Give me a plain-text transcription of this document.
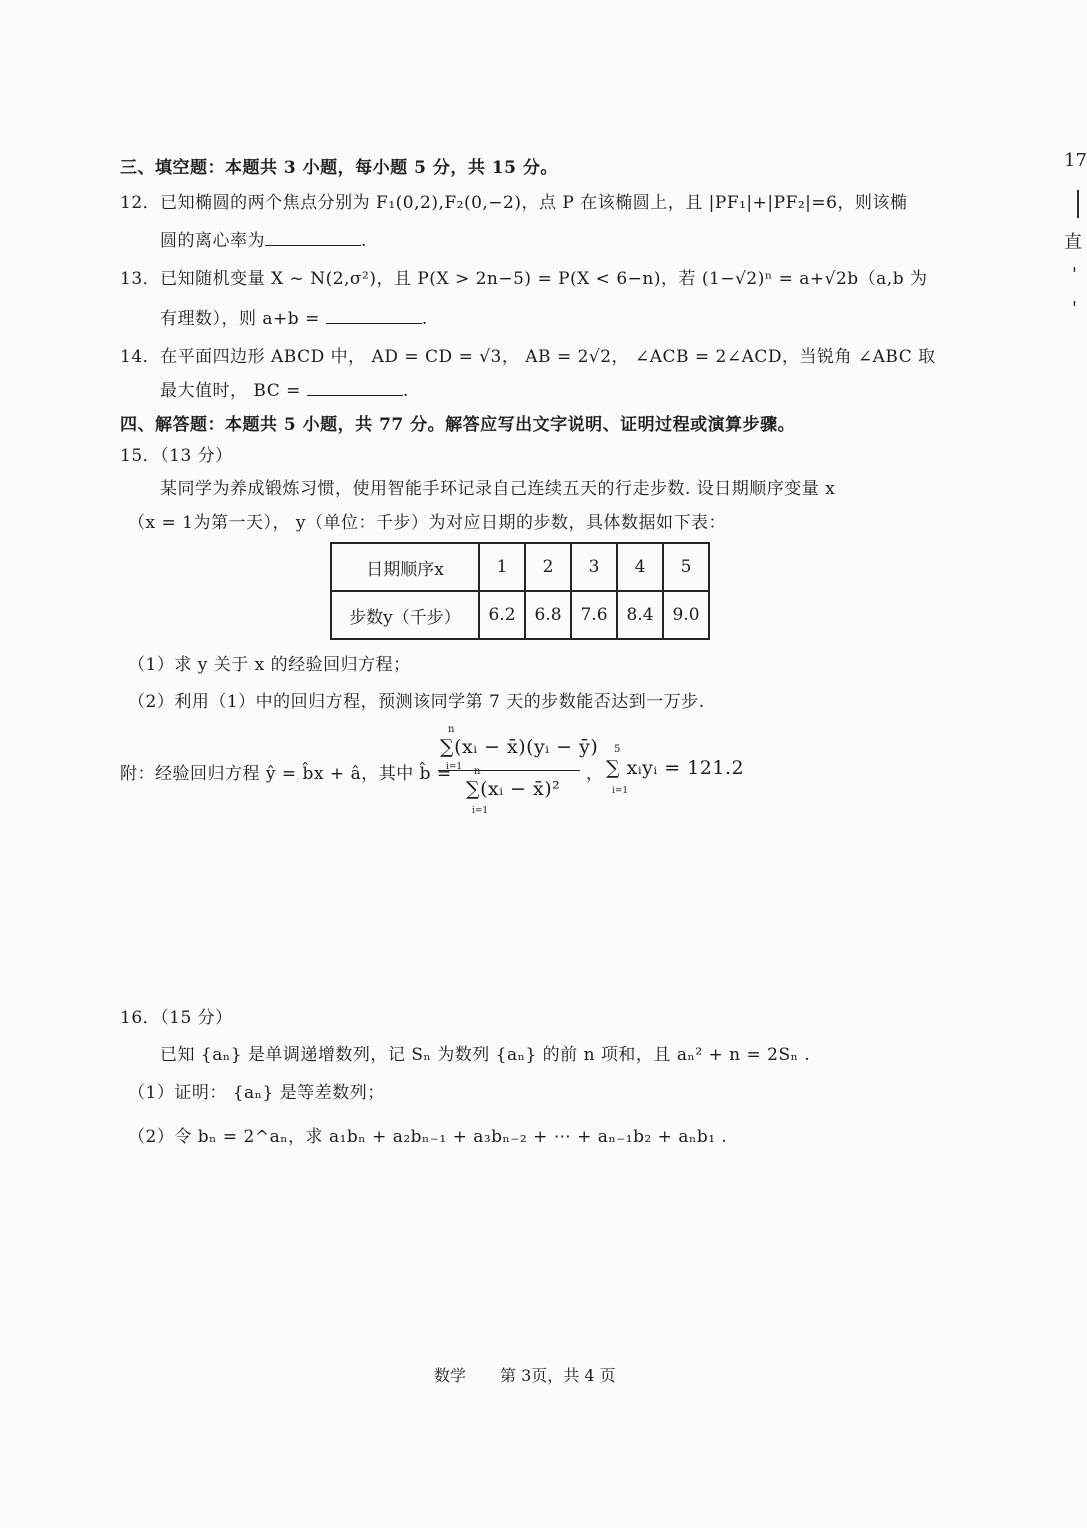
17
直
'
'
三、填空题：本题共 3 小题，每小题 5 分，共 15 分。
12．已知椭圆的两个焦点分别为 F₁(0,2),F₂(0,−2)，点 P 在该椭圆上，且 |PF₁|+|PF₂|=6，则该椭
圆的离心率为	.
13．已知随机变量 X ~ N(2,σ²)，且 P(X > 2n−5) = P(X < 6−n)，若 (1−√2)ⁿ = a+√2b（a,b 为
有理数），则 a+b =	.
14．在平面四边形 ABCD 中， AD = CD = √3， AB = 2√2， ∠ACB = 2∠ACD，当锐角 ∠ABC 取
最大值时， BC =	.
四、解答题：本题共 5 小题，共 77 分。解答应写出文字说明、证明过程或演算步骤。
15．（13 分）
某同学为养成锻炼习惯，使用智能手环记录自己连续五天的行走步数. 设日期顺序变量 x
（x = 1为第一天）， y（单位：千步）为对应日期的步数，具体数据如下表：
日期顺序x	1	2	3	4	5
步数y（千步）	6.2	6.8	7.6	8.4	9.0
（1）求 y 关于 x 的经验回归方程；
（2）利用（1）中的回归方程，预测该同学第 7 天的步数能否达到一万步.
附：经验回归方程 ŷ = b̂x + â，其中 b̂ =
n
∑(xᵢ − x̄)(yᵢ − ȳ)
i=1 n
∑(xᵢ − x̄)²
i=1
，
5
∑ xᵢyᵢ = 121.2
i=1
16．（15 分）
已知 {aₙ} 是单调递增数列，记 Sₙ 为数列 {aₙ} 的前 n 项和，且 aₙ² + n = 2Sₙ .
（1）证明： {aₙ} 是等差数列；
（2）令 bₙ = 2^aₙ，求 a₁bₙ + a₂bₙ₋₁ + a₃bₙ₋₂ + ⋯ + aₙ₋₁b₂ + aₙb₁ .
数学 第 3页，共 4 页
